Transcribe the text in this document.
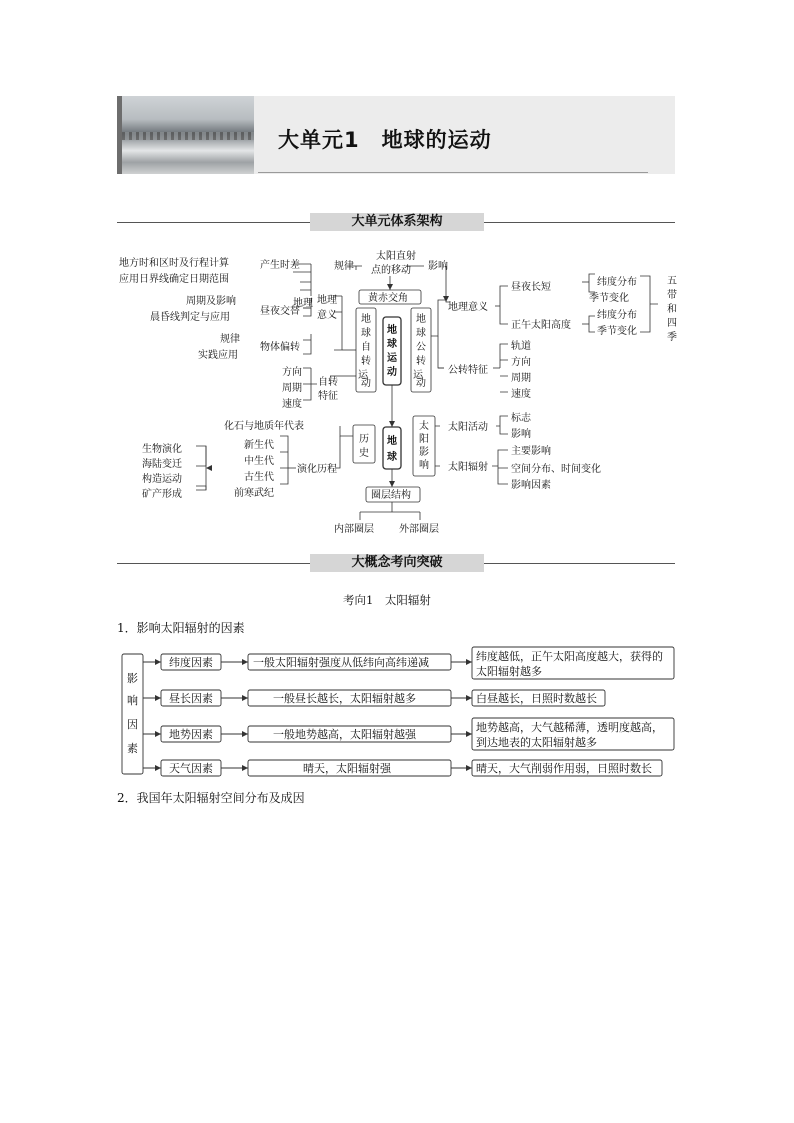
大单元1　地球的运动
大单元体系架构
太阳直射
点的移动
规律	影响
黄赤交角
地
球
运
动
地
球
自
转
运
动
地
球
公
转
运
动
地理 地理
意义
产生时差
地方时和区时及行程计算
应用日界线确定日期范围
昼夜交替
周期及影响
晨昏线判定与应用
物体偏转
规律
实践应用
自转
特征
方向
周期
速度
地理意义
昼夜长短
正午太阳高度
纬度分布
季节变化
纬度分布
季节变化
五
带
和
四
季
公转特征
轨道
方向
周期
速度
地
球
历
史
太
阳
影
响
化石与地质年代表
演化历程
新生代
中生代
古生代
前寒武纪
生物演化
海陆变迁
构造运动
矿产形成
太阳活动
标志
影响
太阳辐射
主要影响
空间分布、时间变化
影响因素
圈层结构
内部圈层	外部圈层
大概念考向突破
考向1　太阳辐射
1．影响太阳辐射的因素
影
响
因
素
纬度因素
昼长因素
地势因素
天气因素
一般太阳辐射强度从低纬向高纬递减
一般昼长越长，太阳辐射越多
一般地势越高，太阳辐射越强
晴天，太阳辐射强
纬度越低，正午太阳高度越大，获得的
太阳辐射越多
白昼越长，日照时数越长
地势越高，大气越稀薄，透明度越高，
到达地表的太阳辐射越多
晴天，大气削弱作用弱，日照时数长
2．我国年太阳辐射空间分布及成因
